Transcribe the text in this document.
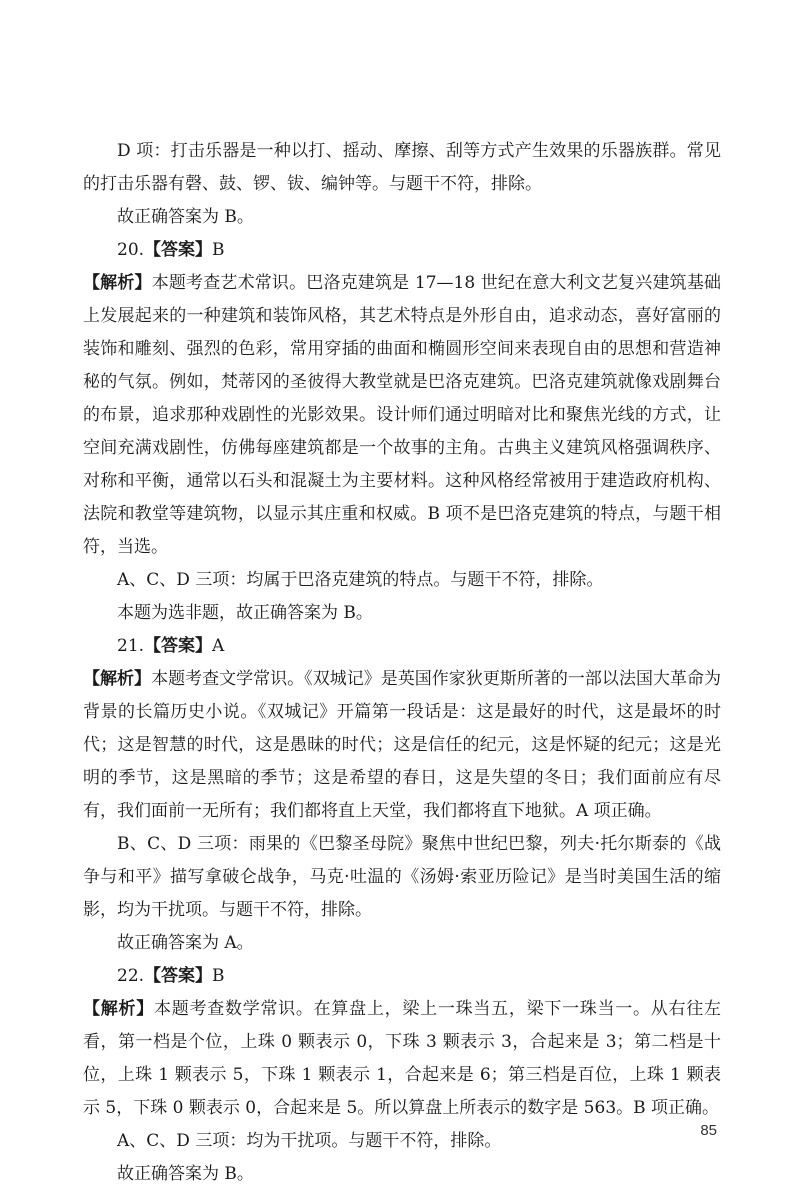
D 项：打击乐器是一种以打、摇动、摩擦、刮等方式产生效果的乐器族群。常见的打击乐器有磬、鼓、锣、钹、编钟等。与题干不符，排除。

故正确答案为 B。

20.【答案】B

【解析】本题考查艺术常识。巴洛克建筑是 17—18 世纪在意大利文艺复兴建筑基础上发展起来的一种建筑和装饰风格，其艺术特点是外形自由，追求动态，喜好富丽的装饰和雕刻、强烈的色彩，常用穿插的曲面和椭圆形空间来表现自由的思想和营造神秘的气氛。例如，梵蒂冈的圣彼得大教堂就是巴洛克建筑。巴洛克建筑就像戏剧舞台的布景，追求那种戏剧性的光影效果。设计师们通过明暗对比和聚焦光线的方式，让空间充满戏剧性，仿佛每座建筑都是一个故事的主角。古典主义建筑风格强调秩序、对称和平衡，通常以石头和混凝土为主要材料。这种风格经常被用于建造政府机构、法院和教堂等建筑物，以显示其庄重和权威。B 项不是巴洛克建筑的特点，与题干相符，当选。

A、C、D 三项：均属于巴洛克建筑的特点。与题干不符，排除。

本题为选非题，故正确答案为 B。

21.【答案】A

【解析】本题考查文学常识。《双城记》是英国作家狄更斯所著的一部以法国大革命为背景的长篇历史小说。《双城记》开篇第一段话是：这是最好的时代，这是最坏的时代；这是智慧的时代，这是愚昧的时代；这是信任的纪元，这是怀疑的纪元；这是光明的季节，这是黑暗的季节；这是希望的春日，这是失望的冬日；我们面前应有尽有，我们面前一无所有；我们都将直上天堂，我们都将直下地狱。A 项正确。

B、C、D 三项：雨果的《巴黎圣母院》聚焦中世纪巴黎，列夫·托尔斯泰的《战争与和平》描写拿破仑战争，马克·吐温的《汤姆·索亚历险记》是当时美国生活的缩影，均为干扰项。与题干不符，排除。

故正确答案为 A。

22.【答案】B

【解析】本题考查数学常识。在算盘上，梁上一珠当五，梁下一珠当一。从右往左看，第一档是个位，上珠 0 颗表示 0，下珠 3 颗表示 3，合起来是 3；第二档是十位，上珠 1 颗表示 5，下珠 1 颗表示 1，合起来是 6；第三档是百位，上珠 1 颗表示 5，下珠 0 颗表示 0，合起来是 5。所以算盘上所表示的数字是 563。B 项正确。

A、C、D 三项：均为干扰项。与题干不符，排除。

故正确答案为 B。

85
